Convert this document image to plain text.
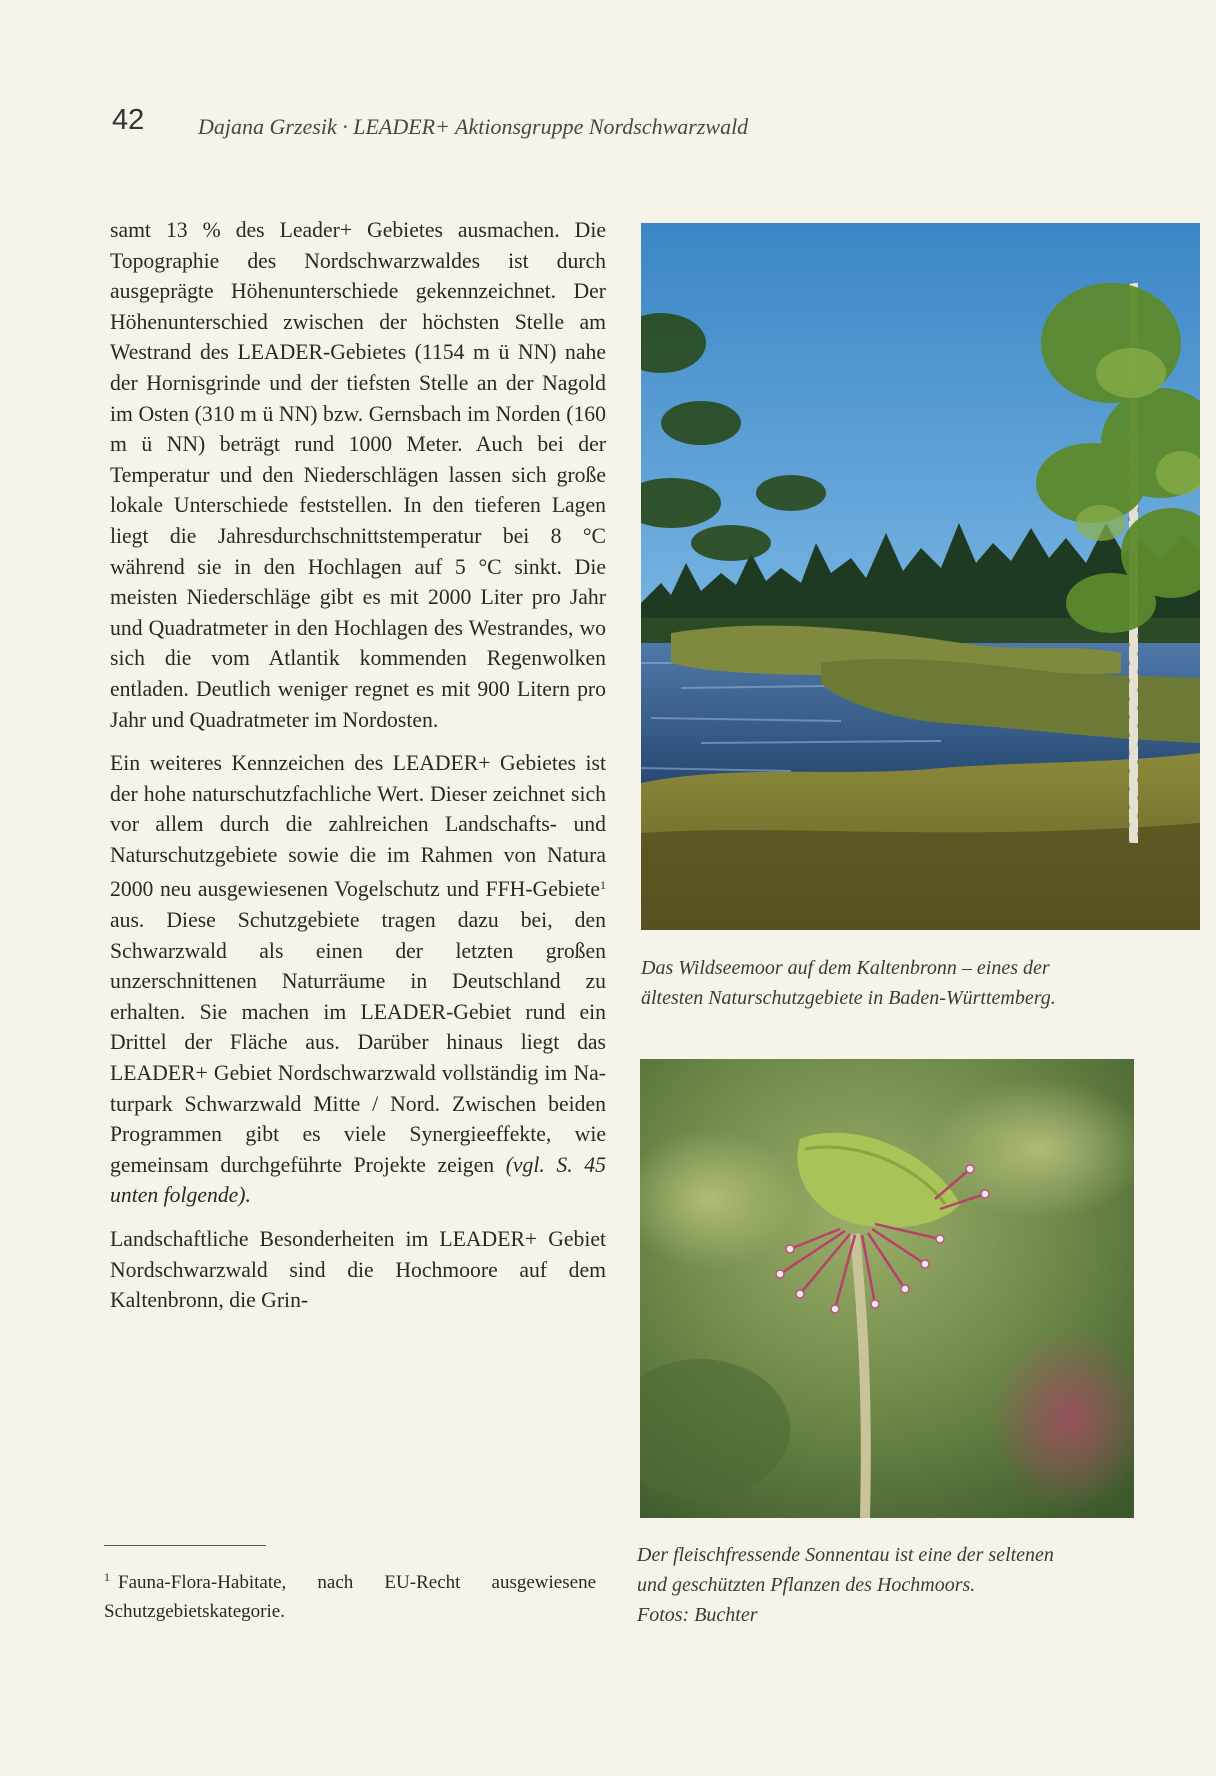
42 Dajana Grzesik · LEADER+ Aktionsgruppe Nordschwarzwald

samt 13 % des Leader+ Gebietes ausmachen. Die Topographie des Nordschwarzwaldes ist durch ausgeprägte Höhenunterschiede gekennzeichnet. Der Höhenunterschied zwischen der höchsten Stelle am Westrand des LEADER-Gebietes (1154 m ü NN) nahe der Hornisgrinde und der tiefsten Stelle an der Nagold im Osten (310 m ü NN) bzw. Gernsbach im Norden (160 m ü NN) beträgt rund 1000 Meter. Auch bei der Temperatur und den Niederschlägen lassen sich große lokale Unterschiede feststellen. In den tieferen Lagen liegt die Jahresdurchschnittstemperatur bei 8 °C während sie in den Hochlagen auf 5 °C sinkt. Die meisten Niederschläge gibt es mit 2000 Liter pro Jahr und Quadratmeter in den Hochlagen des Westrandes, wo sich die vom Atlantik kommenden Regenwolken entladen. Deutlich weniger regnet es mit 900 Litern pro Jahr und Quadratmeter im Nordosten.

Ein weiteres Kennzeichen des LEADER+ Gebietes ist der hohe naturschutzfachliche Wert. Dieser zeichnet sich vor allem durch die zahlreichen Landschafts- und Naturschutzgebiete sowie die im Rahmen von Natura 2000 neu ausgewiesenen Vogelschutz und FFH-Gebiete$^1$ aus. Diese Schutzgebiete tragen dazu bei, den Schwarzwald als einen der letzten großen unzerschnittenen Naturräume in Deutschland zu erhalten. Sie machen im LEADER-Gebiet rund ein Drittel der Fläche aus. Darüber hinaus liegt das LEADER+ Gebiet Nordschwarzwald vollständig im Naturpark Schwarzwald Mitte / Nord. Zwischen beiden Programmen gibt es viele Synergieeffekte, wie gemeinsam durchgeführte Projekte zeigen (vgl. S. 45 unten folgende).

Landschaftliche Besonderheiten im LEADER+ Gebiet Nordschwarzwald sind die Hochmoore auf dem Kaltenbronn, die Grin-

$^1$ Fauna-Flora-Habitate, nach EU-Recht ausgewiesene Schutzgebietskategorie.
Das Wildseemoor auf dem Kaltenbronn – eines der
ältesten Naturschutzgebiete in Baden-Württemberg.
Der fleischfressende Sonnentau ist eine der seltenen
und geschützten Pflanzen des Hochmoors.
Fotos: Buchter
